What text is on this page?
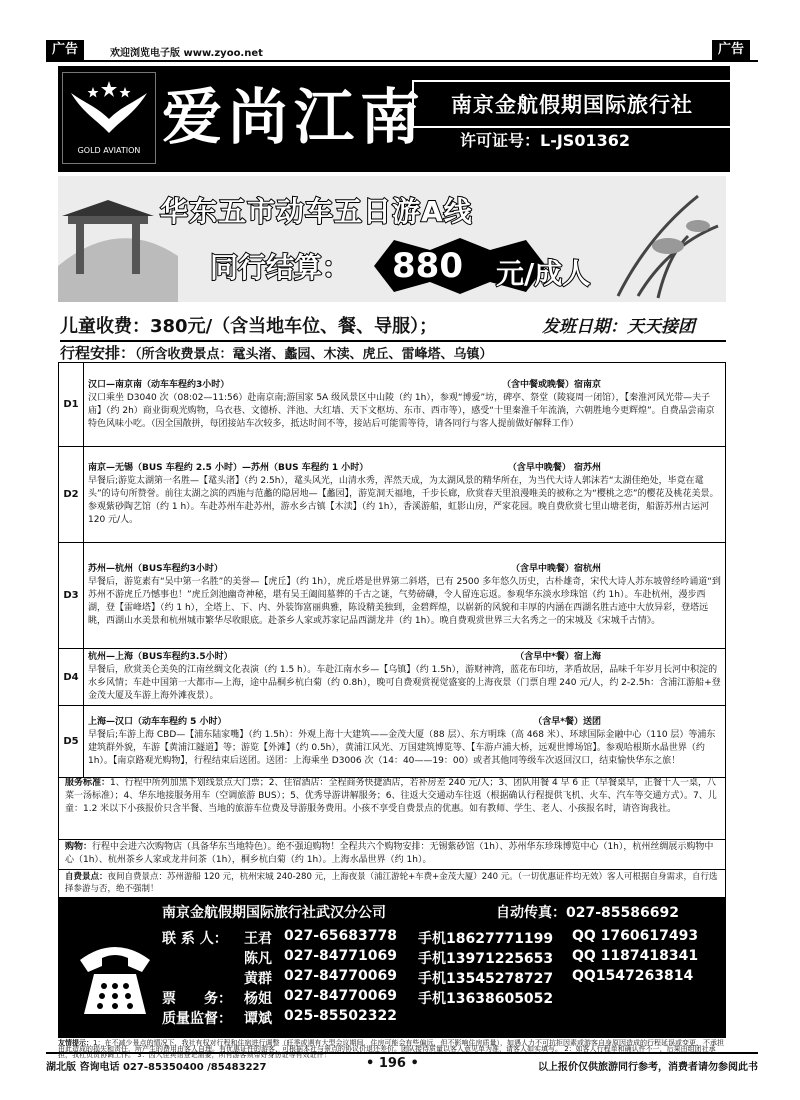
广告	欢迎浏览电子版 www.zyoo.net	广告
GOLD AVIATION 爱尚江南	南京金航假期国际旅行社
许可证号：L-JS01362
华东五市动车五日游A线
同行结算： 880 元/成人
儿童收费：380元/（含当地车位、餐、导服）；	发班日期：天天接团
行程安排：（所含收费景点：鼋头渚、蠡园、木渎、虎丘、雷峰塔、乌镇）
D1	汉口—南京南（动车车程约3小时） （含中餐或晚餐）宿南京
汉口乘坐 D3040 次（08:02—11:56）赴南京南;游国家 5A 级风景区中山陵（约 1h），参观“博爱”坊，碑亭、祭堂（陵寝周一闭馆），【秦淮河风光带—夫子庙】（约 2h）商业街观光购物，乌衣巷、文德桥、泮池、大红墙、天下文枢坊、东市、西市等），感受“十里秦淮千年流淌，六朝胜地今更辉煌”。自费品尝南京特色风味小吃。（因全国散拼，每团接站车次较多，抵达时间不等，接站后可能需等待，请各同行与客人提前做好解释工作）

D2	南京—无锡（BUS 车程约 2.5 小时）—苏州（BUS 车程约 1 小时） （含早中晚餐） 宿苏州
早餐后;游览太湖第一名胜—【鼋头渚】（约 2.5h），鼋头风光，山清水秀，浑然天成，为太湖风景的精华所在，为当代大诗人郭沫若“太湖佳绝处，毕竟在鼋头”的诗句所赞誉。前往太湖之滨的西施与范蠡的隐居地—【蠡园】，游览洞天福地，千步长廊，欣赏春天里浪漫唯美的被称之为“樱桃之恋”的樱花及桃花美景。参观紫砂陶艺馆（约 1 h）。车赴苏州车赴苏州，游水乡古镇【木渎】（约 1h），香溪游船，虹影山房，严家花园。晚自费欣赏七里山塘老街，船游苏州古运河 120 元/人。

D3	苏州—杭州（BUS车程约3小时） （含早中晚餐）宿杭州
早餐后，游览素有“吴中第一名胜”的美誉—【虎丘】（约 1h），虎丘塔是世界第二斜塔，已有 2500 多年悠久历史，古朴雄奇，宋代大诗人苏东坡曾经吟诵道“到苏州不游虎丘乃憾事也！”虎丘剑池幽奇神秘，堪有吴王阖闾墓葬的千古之谜，气势磅礴，令人留连忘返。参观华东淡水珍珠馆（约 1h）。车赴杭州，漫步西湖，登【雷峰塔】（约 1 h），全塔上、下、内、外装饰富丽典雅，陈设精美独到，金碧辉煌，以崭新的风貌和丰厚的内涵在西湖名胜古迹中大放异彩，登塔远眺，西湖山水美景和杭州城市繁华尽收眼底。赴茶乡人家或苏家记品西湖龙井（约 1h）。晚自费观赏世界三大名秀之一的宋城及《宋城千古情》。

D4	杭州—上海（BUS车程约3.5小时） （含早中*餐）宿上海
早餐后，欣赏美仑美奂的江南丝绸文化表演（约 1.5 h）。车赴江南水乡—【乌镇】（约 1.5h），游财神湾，蓝花布印坊，茅盾故居，品味千年岁月长河中积淀的水乡风情；车赴中国第一大都市—上海，途中品桐乡杭白菊（约 0.8h），晚可自费观赏视觉盛宴的上海夜景（门票自理 240 元/人，约 2-2.5h：含浦江游船+登金茂大厦及车游上海外滩夜景）。

D5	上海—汉口（动车车程约 5 小时） （含早*餐）送团
早餐后;车游上海 CBD—【浦东陆家嘴】（约 1.5h）：外观上海十大建筑——金茂大厦（88 层）、东方明珠（高 468 米）、环球国际金融中心（110 层）等浦东建筑群外貌，车游【黄浦江隧道】等；游览【外滩】（约 0.5h），黄浦江风光、万国建筑博览等、【车游卢浦大桥，远观世博场馆】。参观哈根斯水晶世界（约 1h）。【南京路观光购物】，行程结束后送团。送团：上海乘坐 D3006 次（14：40——19：00）或者其他同等级车次返回汉口，结束愉快华东之旅！
服务标准：1、行程中所列加黑下划线景点大门票；2、住宿酒店：全程商务快捷酒店，若补房差 240 元/人；3、团队用餐 4 早 6 正（早餐桌早，正餐十人一桌，八菜一汤标准）；4、华东地接服务用车（空调旅游 BUS）；5、优秀导游讲解服务；6、往返大交通动车往返（根据确认行程提供飞机、火车、汽车等交通方式）。7、儿童：1.2 米以下小孩报价只含半餐、当地的旅游车位费及导游服务费用。小孩不享受自费景点的优惠。如有教师、学生、老人、小孩报名时，请咨询我社。
购物：行程中会进六次购物店（具备华东当地特色）。绝不强迫购物！全程共六个购物安排：无锡紫砂馆（1h）、苏州华东珍珠博览中心（1h），杭州丝绸展示购物中心（1h）、杭州茶乡人家或龙井问茶（1h），桐乡杭白菊（约 1h）。上海水晶世界（约 1h）。
自费景点：夜间自费景点：苏州游船 120 元，杭州宋城 240-280 元，上海夜景（浦江游轮+车费+金茂大厦）240 元。（一切优惠证件均无效）客人可根据自身需求，自行选择参游与否，绝不强制！
南京金航假期国际旅行社武汉分公司	自动传真：027-85586692
联 系 人： 王君 027-65683778 手机18627771199 QQ 1760617493
陈凡 027-84771069 手机13971225653 QQ 1187418341
黄群 027-84770069 手机13545278727 QQ1547263814
票　　务： 杨姐 027-84770069 手机13638605052
质量监督： 谭斌 025-85502322
湖北版 咨询电话 027-85350400 /85483227	• 196 •	以上报价仅供旅游同行参考，消费者请勿参阅此书
友情提示：1：在不减少景点的情况下，我社有权对行程和住宿进行调整（旺季或遇有大型会议期间，住房可能会有些偏远，但不影响住房质量），如遇人力不可抗拒因素或游客自身原因造成的行程延误或变更，不承担由此造成的损失和责任，所产生的费用由客人自理。有优惠证件的游客，可根据本社与景点的协议价退还差价。团队接待质量以客人意见单为准，请客人如实填写。 2：如客人行程单和确认件不一，后果由组团社承担，我社负责协调工作。 3：因入住宾馆登记需要，所有游客须带好身份证等有效证件！
